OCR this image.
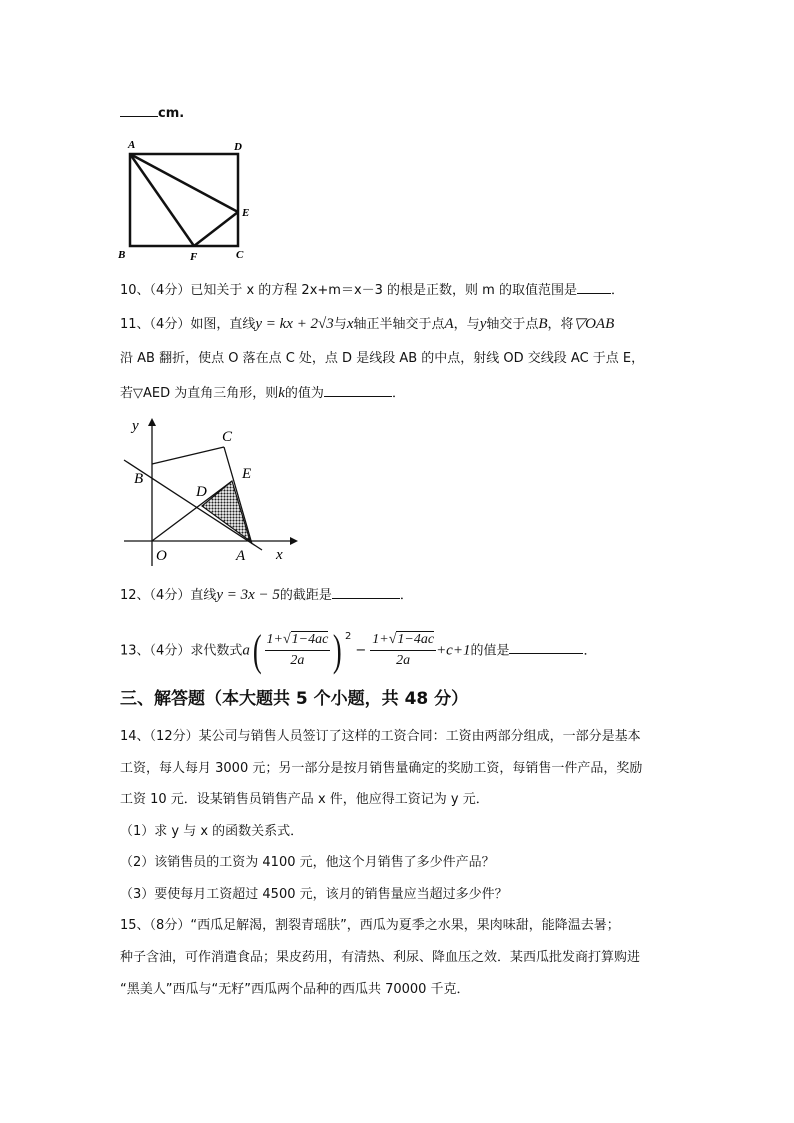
cm.
A	D
E
B	F	C
10、（4分）已知关于 x 的方程 2x+m＝x－3 的根是正数，则 m 的取值范围是	．
11、（4分）如图，直线y = kx + 2√3与x轴正半轴交于点A，与y轴交于点B，将▽OAB
沿 AB 翻折，使点 O 落在点 C 处，点 D 是线段 AB 的中点，射线 OD 交线段 AC 于点 E，
若▽AED 为直角三角形，则k的值为	．
y
C
B
D
E
O	A x
12、（4分）直线y = 3x − 5的截距是	．
13、（4分）求代数式$a( \frac{1+√1-4ac}{2a}$ ) $^2- \frac{1+√1-4ac}{2a} +c+1$的值是	．
三、解答题（本大题共 5 个小题，共 48 分）
14、（12分）某公司与销售人员签订了这样的工资合同：工资由两部分组成，一部分是基本
工资，每人每月 3000 元；另一部分是按月销售量确定的奖励工资，每销售一件产品，奖励
工资 10 元．设某销售员销售产品 x 件，他应得工资记为 y 元．
（1）求 y 与 x 的函数关系式．
（2）该销售员的工资为 4100 元，他这个月销售了多少件产品？
（3）要使每月工资超过 4500 元，该月的销售量应当超过多少件？
15、（8分）“西瓜足解渴，割裂青瑶肤”，西瓜为夏季之水果，果肉味甜，能降温去暑；
种子含油，可作消遣食品；果皮药用，有清热、利尿、降血压之效．某西瓜批发商打算购进
“黑美人”西瓜与“无籽”西瓜两个品种的西瓜共 70000 千克．
